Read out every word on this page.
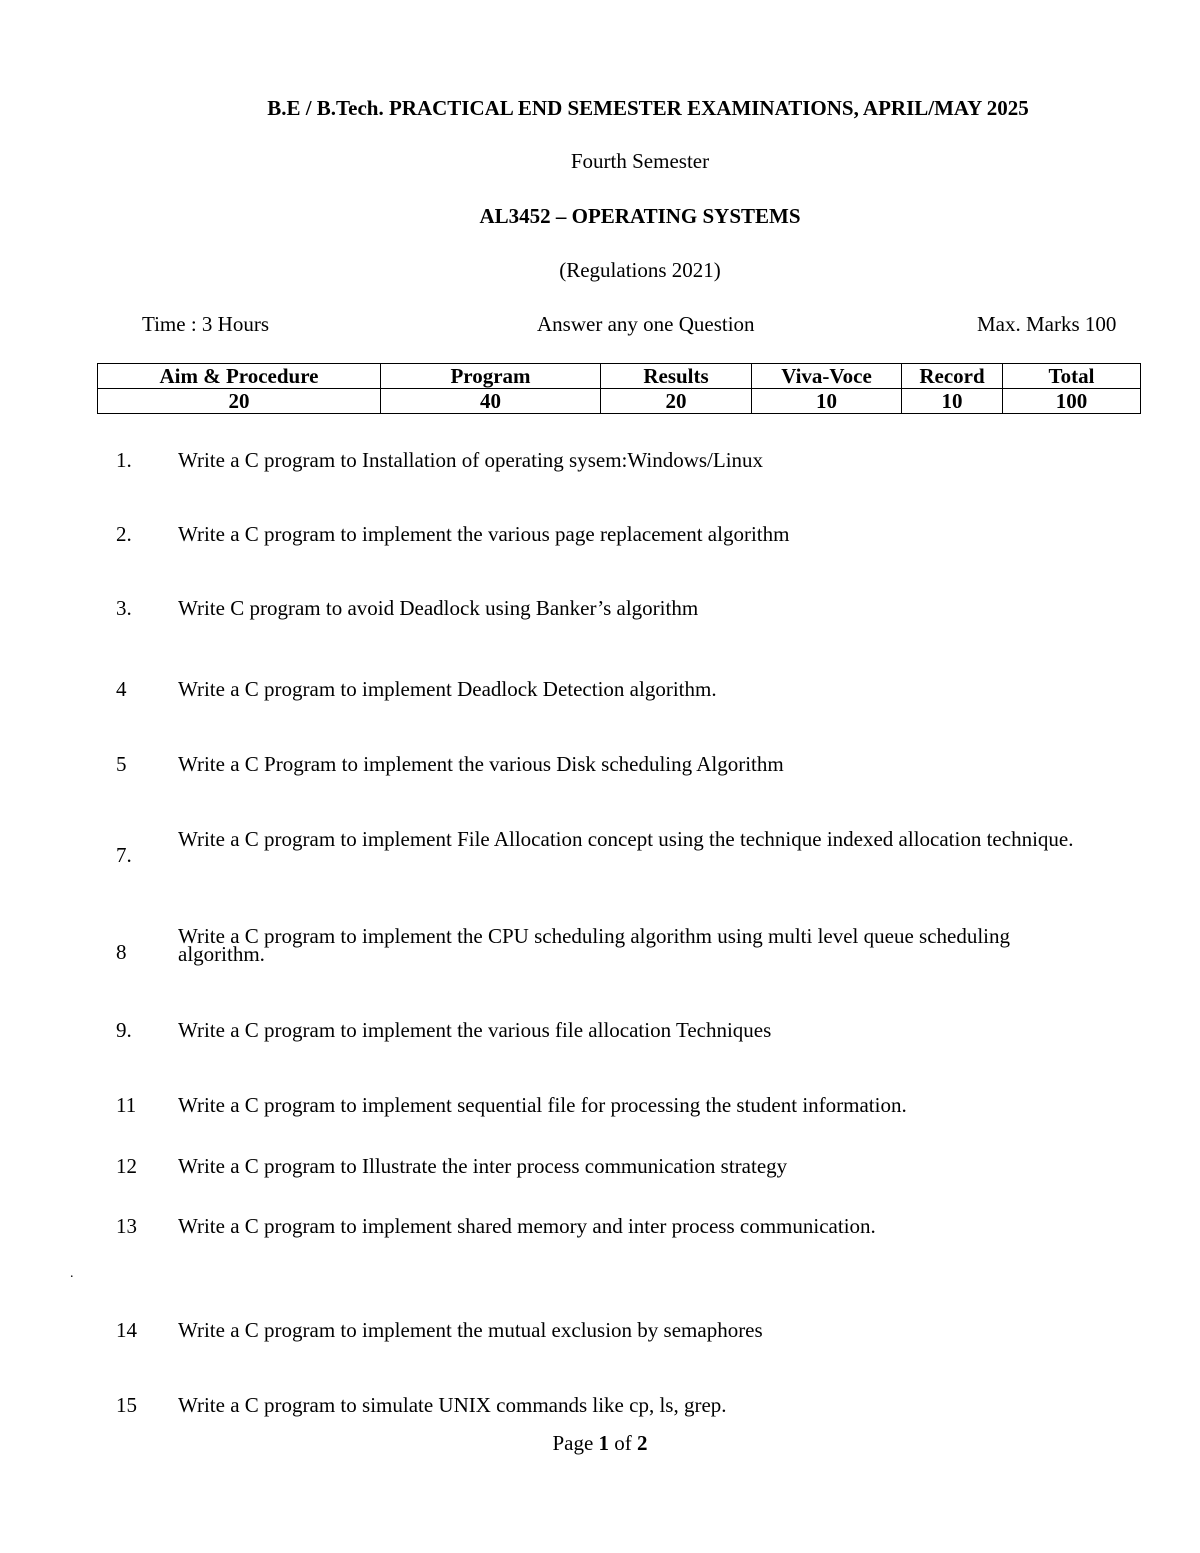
B.E / B.Tech. PRACTICAL END SEMESTER EXAMINATIONS, APRIL/MAY 2025
Fourth Semester
AL3452 – OPERATING SYSTEMS
(Regulations 2021)
Time : 3 Hours	Answer any one Question	Max. Marks 100
Aim & Procedure	Program	Results	Viva-Voce	Record	Total
20	40	20	10	10	100
1.	Write a C program to Installation of operating sysem:Windows/Linux
2.	Write a C program to implement the various page replacement algorithm
3.	Write C program to avoid Deadlock using Banker’s algorithm
4	Write a C program to implement Deadlock Detection algorithm.
5	Write a C Program to implement the various Disk scheduling Algorithm
7.
Write a C program to implement File Allocation concept using the technique indexed allocation technique.
8
Write a C program to implement the CPU scheduling algorithm using multi level queue scheduling algorithm.
9.	Write a C program to implement the various file allocation Techniques
11	Write a C program to implement sequential file for processing the student information.
12	Write a C program to Illustrate the inter process communication strategy
13	Write a C program to implement shared memory and inter process communication.
.
14	Write a C program to implement the mutual exclusion by semaphores
15	Write a C program to simulate UNIX commands like cp, ls, grep.
Page 1 of 2
